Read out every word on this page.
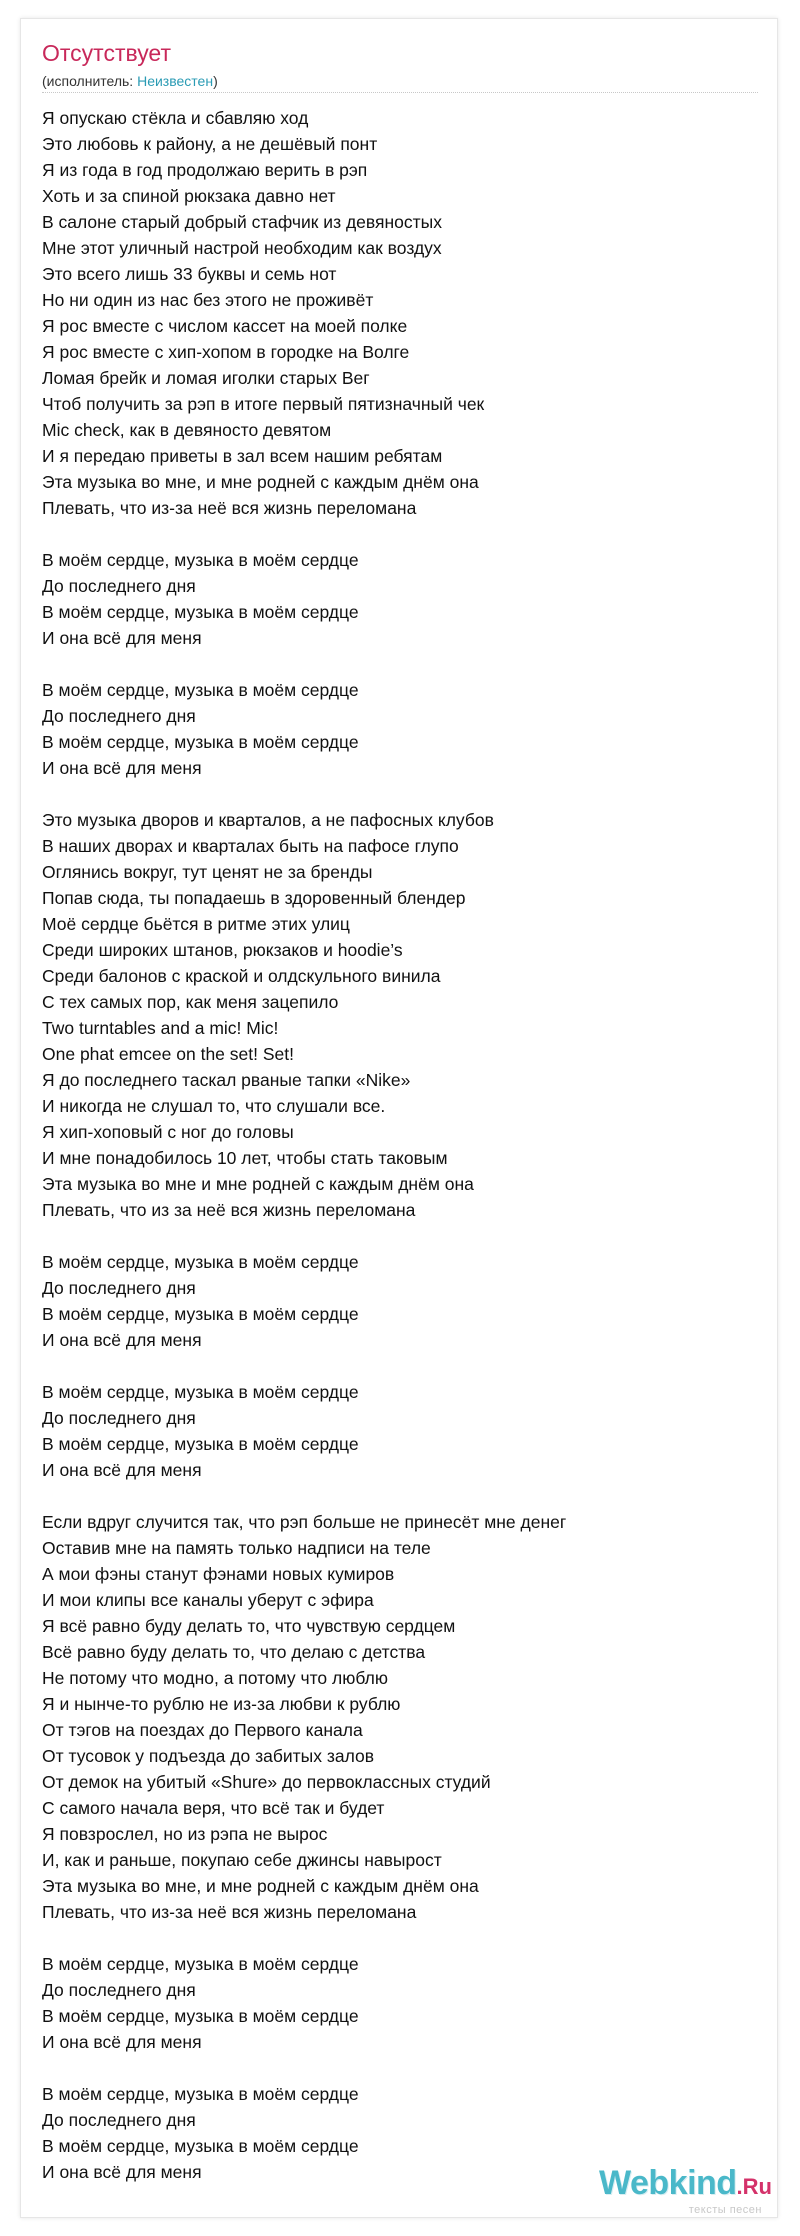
Отсутствует
(исполнитель: Неизвестен)
Я опускаю стёкла и сбавляю ход
Это любовь к району, а не дешёвый понт
Я из года в год продолжаю верить в рэп
Хоть и за спиной рюкзака давно нет
В салоне старый добрый стафчик из девяностых
Мне этот уличный настрой необходим как воздух
Это всего лишь 33 буквы и семь нот
Но ни один из нас без этого не проживёт
Я рос вместе с числом кассет на моей полке
Я рос вместе с хип-хопом в городке на Волге
Ломая брейк и ломая иголки старых Вег
Чтоб получить за рэп в итоге первый пятизначный чек
Mic check, как в девяносто девятом
И я передаю приветы в зал всем нашим ребятам
Эта музыка во мне, и мне родней с каждым днём она
Плевать, что из-за неё вся жизнь переломана
В моём сердце, музыка в моём сердце
До последнего дня
В моём сердце, музыка в моём сердце
И она всё для меня
В моём сердце, музыка в моём сердце
До последнего дня
В моём сердце, музыка в моём сердце
И она всё для меня
Это музыка дворов и кварталов, а не пафосных клубов
В наших дворах и кварталах быть на пафосе глупо
Оглянись вокруг, тут ценят не за бренды
Попав сюда, ты попадаешь в здоровенный блендер
Моё сердце бьётся в ритме этих улиц
Среди широких штанов, рюкзаков и hoodie’s
Среди балонов с краской и олдскульного винила
С тех самых пор, как меня зацепило
Two turntables and a mic! Mic!
One phat emcee on the set! Set!
Я до последнего таскал рваные тапки «Nike»
И никогда не слушал то, что слушали все.
Я хип-хоповый с ног до головы
И мне понадобилось 10 лет, чтобы стать таковым
Эта музыка во мне и мне родней с каждым днём она
Плевать, что из за неё вся жизнь переломана
В моём сердце, музыка в моём сердце
До последнего дня
В моём сердце, музыка в моём сердце
И она всё для меня
В моём сердце, музыка в моём сердце
До последнего дня
В моём сердце, музыка в моём сердце
И она всё для меня
Если вдруг случится так, что рэп больше не принесёт мне денег
Оставив мне на память только надписи на теле
А мои фэны станут фэнами новых кумиров
И мои клипы все каналы уберут с эфира
Я всё равно буду делать то, что чувствую сердцем
Всё равно буду делать то, что делаю с детства
Не потому что модно, а потому что люблю
Я и нынче-то рублю не из-за любви к рублю
От тэгов на поездах до Первого канала
От тусовок у подъезда до забитых залов
От демок на убитый «Shure» до первоклассных студий
С самого начала веря, что всё так и будет
Я повзрослел, но из рэпа не вырос
И, как и раньше, покупаю себе джинсы навырост
Эта музыка во мне, и мне родней с каждым днём она
Плевать, что из-за неё вся жизнь переломана
В моём сердце, музыка в моём сердце
До последнего дня
В моём сердце, музыка в моём сердце
И она всё для меня
В моём сердце, музыка в моём сердце
До последнего дня
В моём сердце, музыка в моём сердце
И она всё для меня	Webkind.Ru
тексты песен
